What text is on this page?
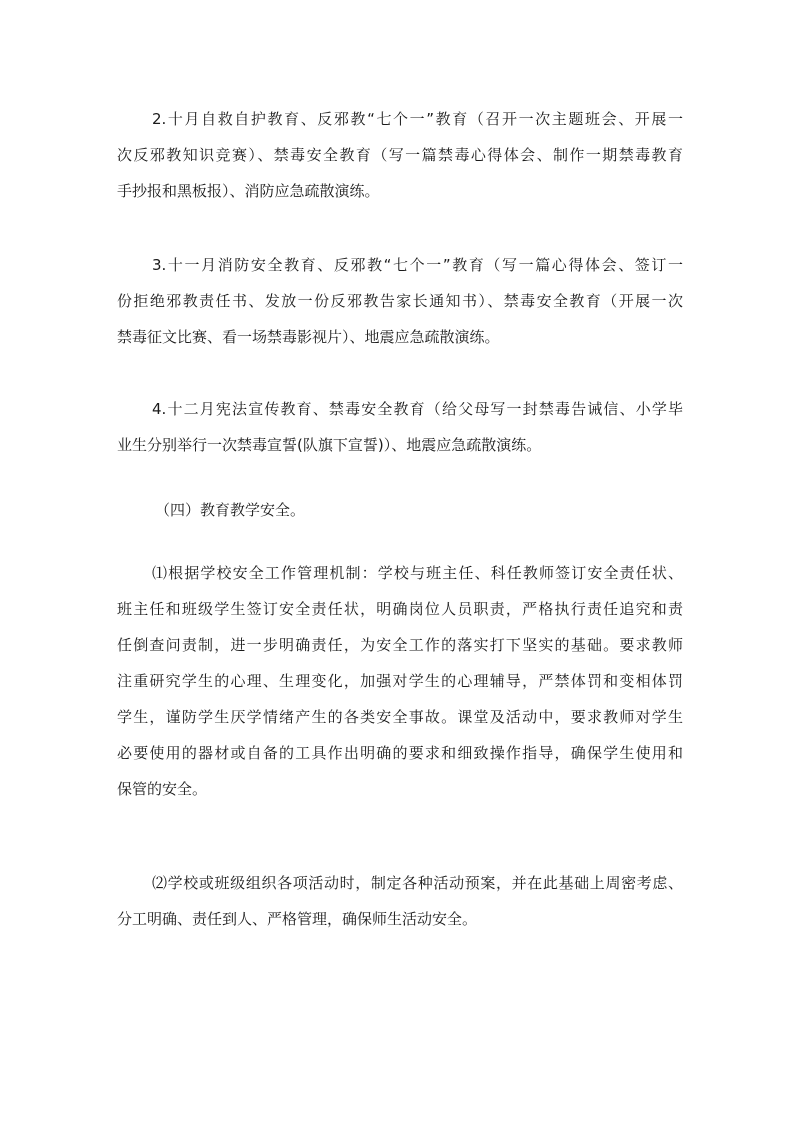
2.十月自救自护教育、反邪教“七个一”教育（召开一次主题班会、开展一
次反邪教知识竞赛）、禁毒安全教育（写一篇禁毒心得体会、制作一期禁毒教育
手抄报和黑板报）、消防应急疏散演练。
3.十一月消防安全教育、反邪教“七个一”教育（写一篇心得体会、签订一
份拒绝邪教责任书、发放一份反邪教告家长通知书）、禁毒安全教育（开展一次
禁毒征文比赛、看一场禁毒影视片）、地震应急疏散演练。
4.十二月宪法宣传教育、禁毒安全教育（给父母写一封禁毒告诫信、小学毕
业生分别举行一次禁毒宣誓(队旗下宣誓)）、地震应急疏散演练。
（四）教育教学安全。
⑴根据学校安全工作管理机制：学校与班主任、科任教师签订安全责任状、
班主任和班级学生签订安全责任状，明确岗位人员职责，严格执行责任追究和责
任倒查问责制，进一步明确责任，为安全工作的落实打下坚实的基础。要求教师
注重研究学生的心理、生理变化，加强对学生的心理辅导，严禁体罚和变相体罚
学生，谨防学生厌学情绪产生的各类安全事故。课堂及活动中，要求教师对学生
必要使用的器材或自备的工具作出明确的要求和细致操作指导，确保学生使用和
保管的安全。
⑵学校或班级组织各项活动时，制定各种活动预案，并在此基础上周密考虑、
分工明确、责任到人、严格管理，确保师生活动安全。
